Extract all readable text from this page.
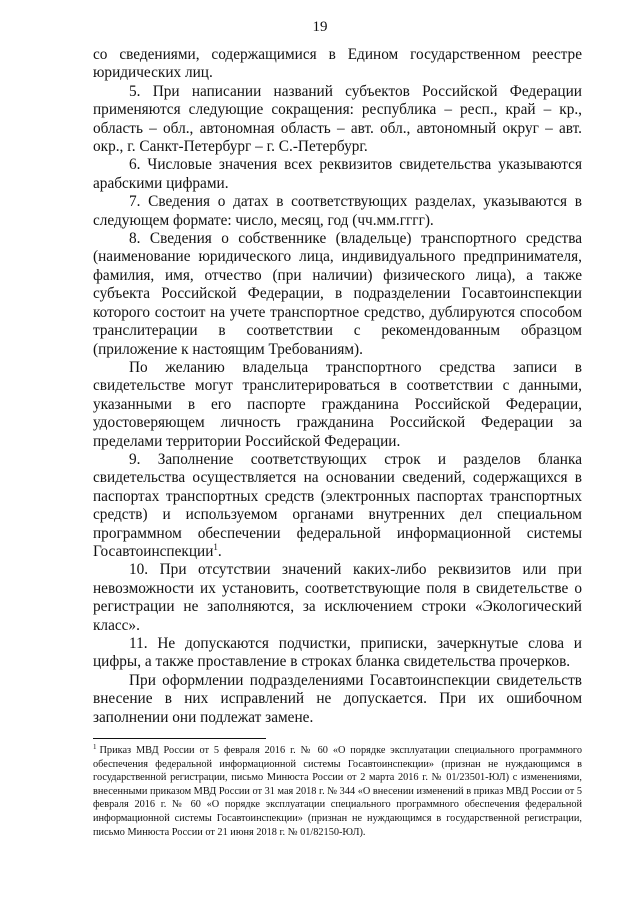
19

со сведениями, содержащимися в Едином государственном реестре юридических лиц.

5. При написании названий субъектов Российской Федерации применяются следующие сокращения: республика – респ., край – кр., область – обл., автономная область – авт. обл., автономный округ – авт. окр., г. Санкт-Петербург – г. С.-Петербург.

6. Числовые значения всех реквизитов свидетельства указываются арабскими цифрами.

7. Сведения о датах в соответствующих разделах, указываются в следующем формате: число, месяц, год (чч.мм.гггг).

8. Сведения о собственнике (владельце) транспортного средства (наименование юридического лица, индивидуального предпринимателя, фамилия, имя, отчество (при наличии) физического лица), а также субъекта Российской Федерации, в подразделении Госавтоинспекции которого состоит на учете транспортное средство, дублируются способом транслитерации в соответствии с рекомендованным образцом (приложение к настоящим Требованиям).

По желанию владельца транспортного средства записи в свидетельстве могут транслитерироваться в соответствии с данными, указанными в его паспорте гражданина Российской Федерации, удостоверяющем личность гражданина Российской Федерации за пределами территории Российской Федерации.

9. Заполнение соответствующих строк и разделов бланка свидетельства осуществляется на основании сведений, содержащихся в паспортах транспортных средств (электронных паспортах транспортных средств) и используемом органами внутренних дел специальном программном обеспечении федеральной информационной системы Госавтоинспекции$^1$.

10. При отсутствии значений каких-либо реквизитов или при невозможности их установить, соответствующие поля в свидетельстве о регистрации не заполняются, за исключением строки «Экологический класс».

11. Не допускаются подчистки, приписки, зачеркнутые слова и цифры, а также проставление в строках бланка свидетельства прочерков.

При оформлении подразделениями Госавтоинспекции свидетельств внесение в них исправлений не допускается. При их ошибочном заполнении они подлежат замене.

$^1$ Приказ МВД России от 5 февраля 2016 г. № 60 «О порядке эксплуатации специального программного обеспечения федеральной информационной системы Госавтоинспекции» (признан не нуждающимся в государственной регистрации, письмо Минюста России от 2 марта 2016 г. № 01/23501-ЮЛ) с изменениями, внесенными приказом МВД России от 31 мая 2018 г. № 344 «О внесении изменений в приказ МВД России от 5 февраля 2016 г. № 60 «О порядке эксплуатации специального программного обеспечения федеральной информационной системы Госавтоинспекции» (признан не нуждающимся в государственной регистрации, письмо Минюста России от 21 июня 2018 г. № 01/82150-ЮЛ).
